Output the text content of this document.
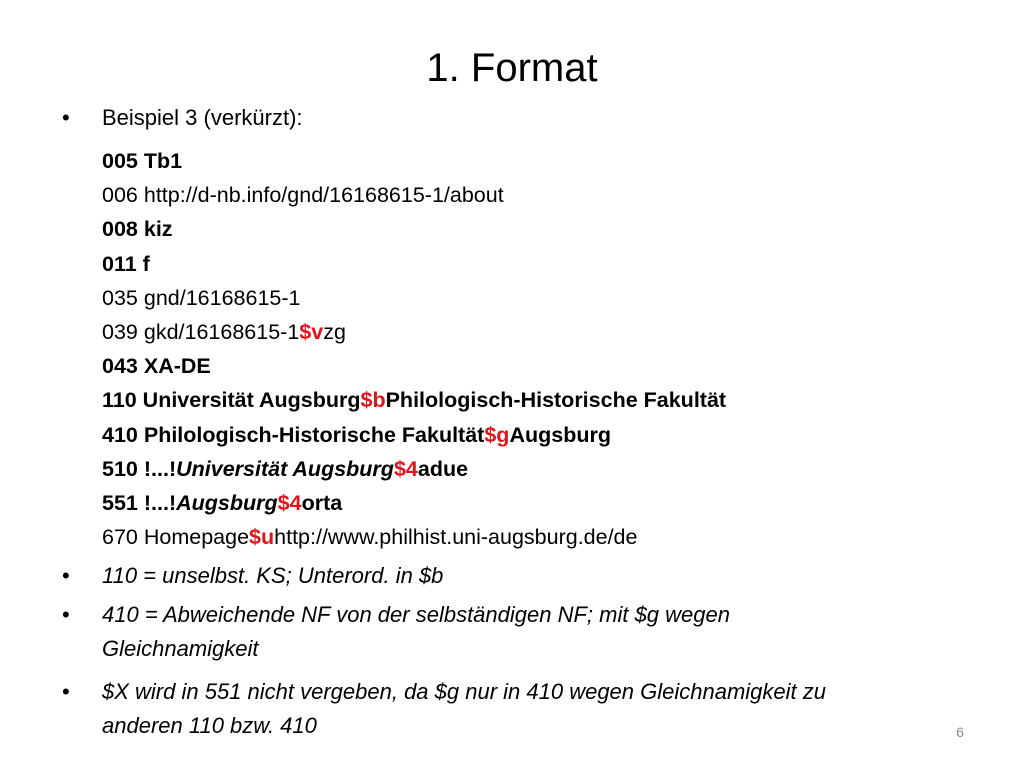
1. Format
• Beispiel 3 (verkürzt):
005 Tb1
006 http://d-nb.info/gnd/16168615-1/about
008 kiz
011 f
035 gnd/16168615-1
039 gkd/16168615-1$vzg
043 XA-DE
110 Universität Augsburg$bPhilologisch-Historische Fakultät
410 Philologisch-Historische Fakultät$gAugsburg
510 !...!Universität Augsburg$4adue
551 !...!Augsburg$4orta
670 Homepage$uhttp://www.philhist.uni-augsburg.de/de
• 110 = unselbst. KS; Unterord. in $b
• 410 = Abweichende NF von der selbständigen NF; mit $g wegen
Gleichnamigkeit
• $X wird in 551 nicht vergeben, da $g nur in 410 wegen Gleichnamigkeit zu
anderen 110 bzw. 410	6
